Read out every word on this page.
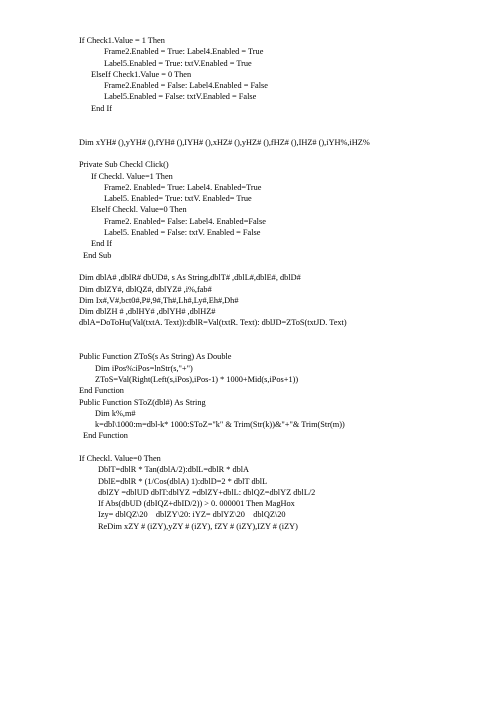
If Check1.Value = 1 Then
Frame2.Enabled = True: Label4.Enabled = True
Label5.Enabled = True: txtV.Enabled = True
ElseIf Check1.Value = 0 Then
Frame2.Enabled = False: Label4.Enabled = False
Label5.Enabled = False: txtV.Enabled = False
End If
Dim xYH# (),yYH# (),fYH# (),IYH# (),xHZ# (),yHZ# (),fHZ# (),IHZ# (),iYH%,iHZ%
Private Sub Checkl Click()
If Checkl. Value=1 Then
Frame2. Enabled= True: Label4. Enabled=True
Label5. Enabled= True: txtV. Enabled= True
Elself Checkl. Value=0 Then
Frame2. Enabled= False: Label4. Enabled=False
Label5. Enabled = False: txtV. Enabled = False
End If
End Sub
Dim dblA# ,dblR# dbUD#, s As String,dblT# ,dblL#,dblE#, dblD#
Dim dblZY#, dblQZ#, dblYZ# ,i%,fab#
Dim Ix#,V#,bct0#,P#,9#,Th#,Lh#,Ly#,Eh#,Dh#
Dim dblZH # ,dblHY# ,dblYH# ,dblHZ#
dblA=DoToHu(Val(txtA. Text)):dblR=Val(txtR. Text): dblJD=ZToS(txtJD. Text)
Public Function ZToS(s As String) As Double
Dim iPos%:iPos=lnStr(s,"+")
ZToS=Val(Right(Left(s,iPos),iPos-1) * 1000+Mid(s,iPos+1))
End Function
Public Function SToZ(dbl#) As String
Dim k%,m#
k=dbl\1000:m=dbl-k* 1000:SToZ="k" & Trim(Str(k))&"+"& Trim(Str(m))
End Function
If Checkl. Value=0 Then
DblT=dblR * Tan(dblA/2):dblL=dblR * dblA
DblE=dblR * (1/Cos(dblA) 1):dblD=2 * dblT dblL
dblZY =dblUD dblT:dblYZ =dblZY+dblL: dblQZ=dblYZ dblL/2
If Abs(dbUD (dbIQZ+dbID/2)) > 0. 000001 Then MagHox
Izy= dblQZ\20    dblZY\20: iYZ= dblYZ\20    dblQZ\20
ReDim xZY # (iZY),yZY # (iZY), fZY # (iZY),IZY # (iZY)
